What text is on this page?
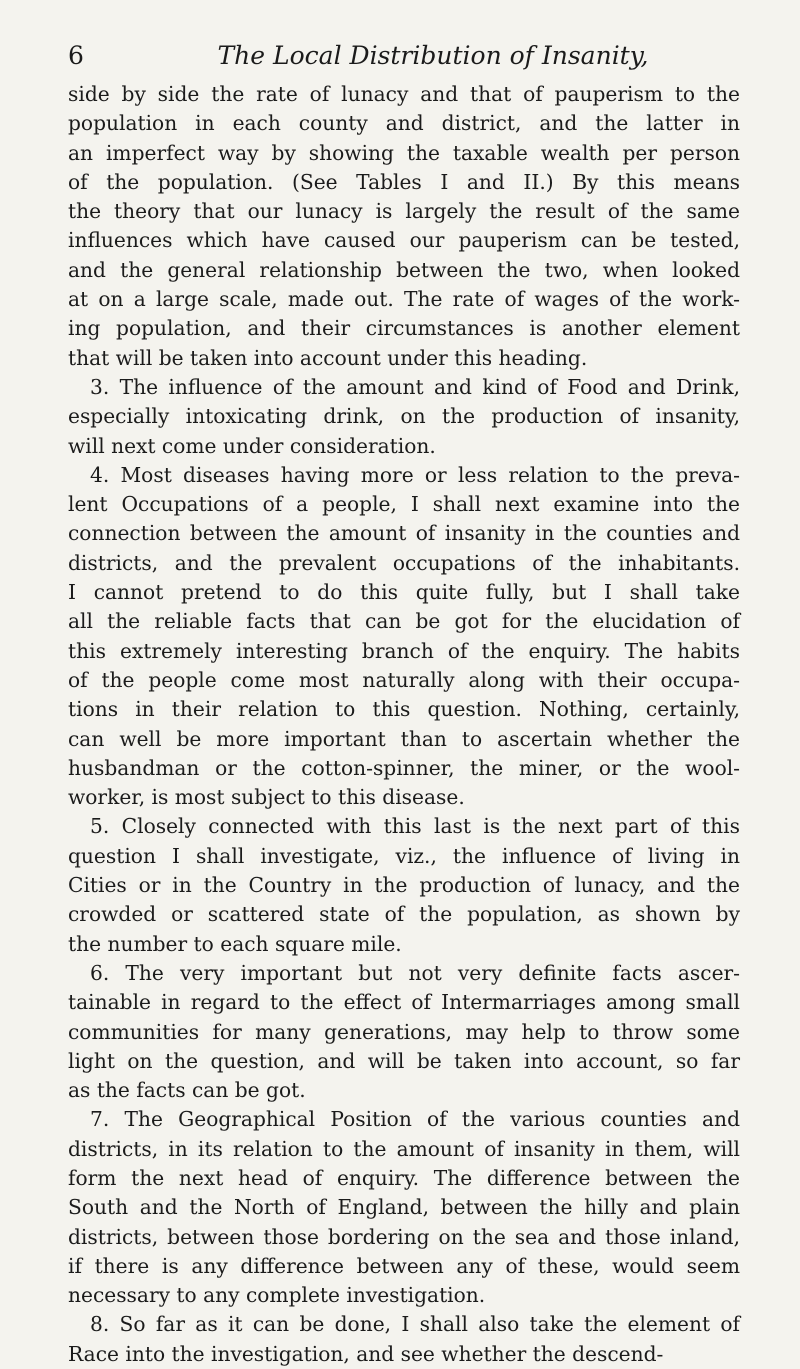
6	The Local Distribution of Insanity,

side by side the rate of lunacy and that of pauperism to the

population in each county and district, and the latter in

an imperfect way by showing the taxable wealth per person

of the population. (See Tables I and II.) By this means

the theory that our lunacy is largely the result of the same

influences which have caused our pauperism can be tested,

and the general relationship between the two, when looked

at on a large scale, made out. The rate of wages of the work-

ing population, and their circumstances is another element

that will be taken into account under this heading.

3. The influence of the amount and kind of Food and Drink,

especially intoxicating drink, on the production of insanity,

will next come under consideration.

4. Most diseases having more or less relation to the preva-

lent Occupations of a people, I shall next examine into the

connection between the amount of insanity in the counties and

districts, and the prevalent occupations of the inhabitants.

I cannot pretend to do this quite fully, but I shall take

all the reliable facts that can be got for the elucidation of

this extremely interesting branch of the enquiry. The habits

of the people come most naturally along with their occupa-

tions in their relation to this question. Nothing, certainly,

can well be more important than to ascertain whether the

husbandman or the cotton-spinner, the miner, or the wool-

worker, is most subject to this disease.

5. Closely connected with this last is the next part of this

question I shall investigate, viz., the influence of living in

Cities or in the Country in the production of lunacy, and the

crowded or scattered state of the population, as shown by

the number to each square mile.

6. The very important but not very definite facts ascer-

tainable in regard to the effect of Intermarriages among small

communities for many generations, may help to throw some

light on the question, and will be taken into account, so far

as the facts can be got.

7. The Geographical Position of the various counties and

districts, in its relation to the amount of insanity in them, will

form the next head of enquiry. The difference between the

South and the North of England, between the hilly and plain

districts, between those bordering on the sea and those inland,

if there is any difference between any of these, would seem

necessary to any complete investigation.

8. So far as it can be done, I shall also take the element of

Race into the investigation, and see whether the descend-
